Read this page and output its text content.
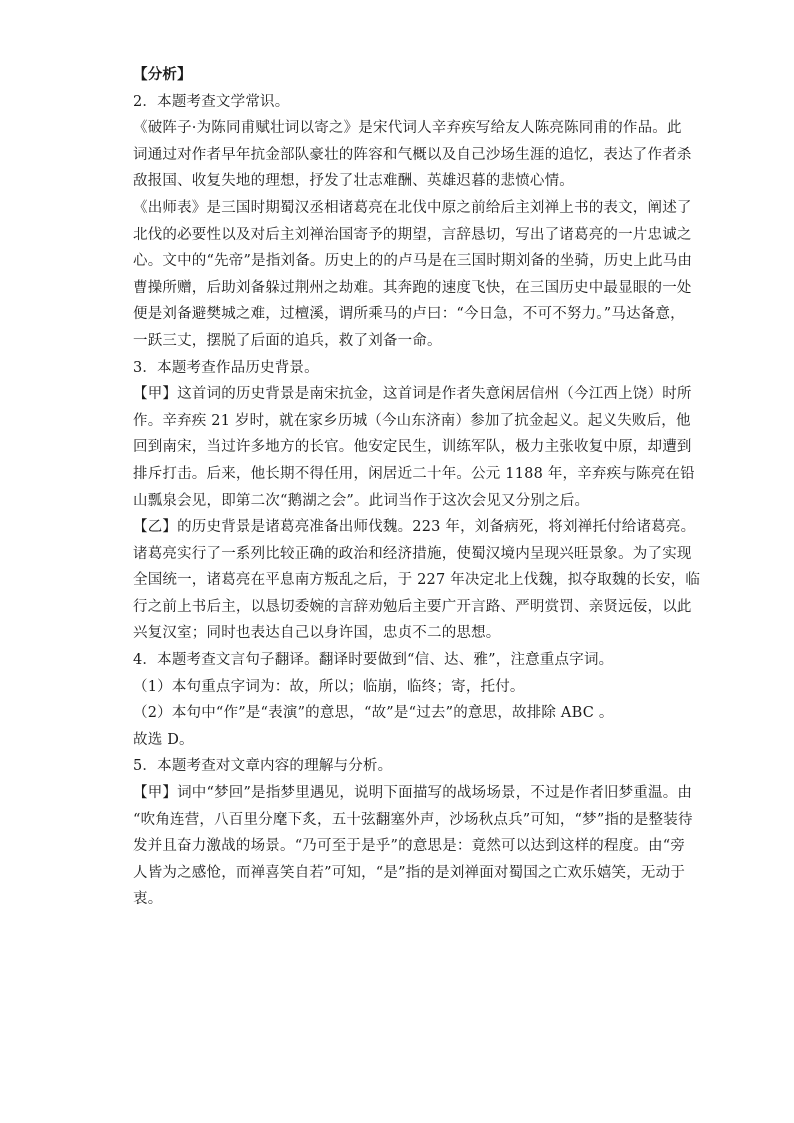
【分析】
2．本题考查文学常识。
《破阵子·为陈同甫赋壮词以寄之》是宋代词人辛弃疾写给友人陈亮陈同甫的作品。此
词通过对作者早年抗金部队豪壮的阵容和气概以及自己沙场生涯的追忆，表达了作者杀
敌报国、收复失地的理想，抒发了壮志难酬、英雄迟暮的悲愤心情。
《出师表》是三国时期蜀汉丞相诸葛亮在北伐中原之前给后主刘禅上书的表文，阐述了
北伐的必要性以及对后主刘禅治国寄予的期望，言辞恳切，写出了诸葛亮的一片忠诚之
心。文中的“先帝”是指刘备。历史上的的卢马是在三国时期刘备的坐骑，历史上此马由
曹操所赠，后助刘备躲过荆州之劫难。其奔跑的速度飞快，在三国历史中最显眼的一处
便是刘备避樊城之难，过檀溪，谓所乘马的卢曰：“今日急，不可不努力。”马达备意，
一跃三丈，摆脱了后面的追兵，救了刘备一命。
3．本题考查作品历史背景。
【甲】这首词的历史背景是南宋抗金，这首词是作者失意闲居信州（今江西上饶）时所
作。辛弃疾 21 岁时，就在家乡历城（今山东济南）参加了抗金起义。起义失败后，他
回到南宋，当过许多地方的长官。他安定民生，训练军队，极力主张收复中原，却遭到
排斥打击。后来，他长期不得任用，闲居近二十年。公元 1188 年，辛弃疾与陈亮在铅
山瓢泉会见，即第二次“鹅湖之会”。此词当作于这次会见又分别之后。
【乙】的历史背景是诸葛亮准备出师伐魏。223 年，刘备病死，将刘禅托付给诸葛亮。
诸葛亮实行了一系列比较正确的政治和经济措施，使蜀汉境内呈现兴旺景象。为了实现
全国统一，诸葛亮在平息南方叛乱之后，于 227 年决定北上伐魏，拟夺取魏的长安，临
行之前上书后主，以恳切委婉的言辞劝勉后主要广开言路、严明赏罚、亲贤远佞，以此
兴复汉室；同时也表达自己以身许国，忠贞不二的思想。
4．本题考查文言句子翻译。翻译时要做到“信、达、雅”，注意重点字词。
（1）本句重点字词为：故，所以；临崩，临终；寄，托付。
（2）本句中“作”是“表演”的意思，“故”是“过去”的意思，故排除 ABC 。
故选 D。
5．本题考查对文章内容的理解与分析。
【甲】词中“梦回”是指梦里遇见，说明下面描写的战场场景，不过是作者旧梦重温。由
“吹角连营，八百里分麾下炙，五十弦翻塞外声，沙场秋点兵”可知，“梦”指的是整装待
发并且奋力激战的场景。“乃可至于是乎”的意思是：竟然可以达到这样的程度。由“旁
人皆为之感怆，而禅喜笑自若”可知，“是”指的是刘禅面对蜀国之亡欢乐嬉笑，无动于
衷。
